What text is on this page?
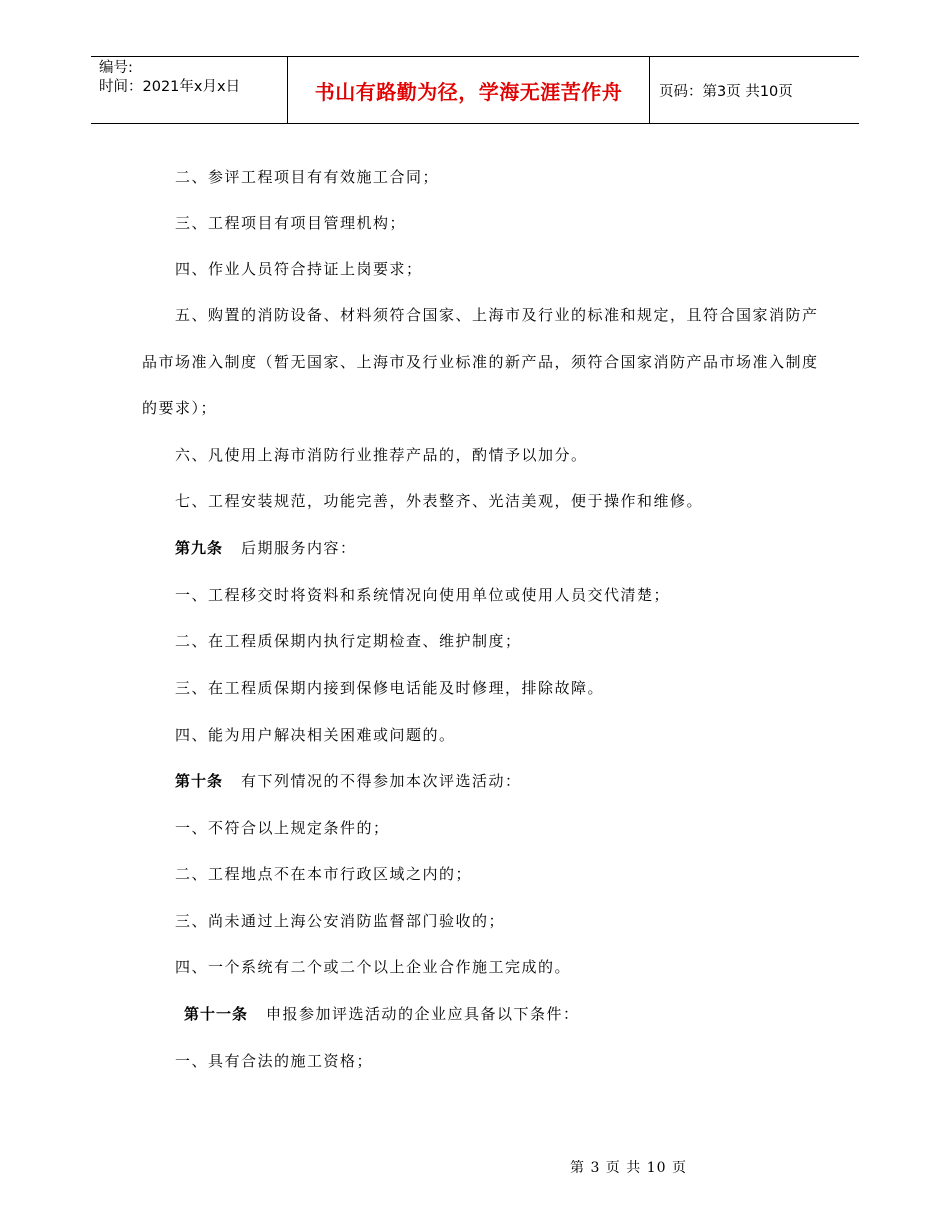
编号:
时间：2021年x月x日	书山有路勤为径，学海无涯苦作舟	页码：第3页 共10页
二、参评工程项目有有效施工合同；
三、工程项目有项目管理机构；
四、作业人员符合持证上岗要求；
五、购置的消防设备、材料须符合国家、上海市及行业的标准和规定，且符合国家消防产
品市场准入制度（暂无国家、上海市及行业标准的新产品，须符合国家消防产品市场准入制度
的要求）；
六、凡使用上海市消防行业推荐产品的，酌情予以加分。
七、工程安装规范，功能完善，外表整齐、光洁美观，便于操作和维修。
第九条 后期服务内容：
一、工程移交时将资料和系统情况向使用单位或使用人员交代清楚；
二、在工程质保期内执行定期检查、维护制度；
三、在工程质保期内接到保修电话能及时修理，排除故障。
四、能为用户解决相关困难或问题的。
第十条 有下列情况的不得参加本次评选活动：
一、不符合以上规定条件的；
二、工程地点不在本市行政区域之内的；
三、尚未通过上海公安消防监督部门验收的；
四、一个系统有二个或二个以上企业合作施工完成的。
第十一条 申报参加评选活动的企业应具备以下条件：
一、具有合法的施工资格；
第 3 页 共 10 页
